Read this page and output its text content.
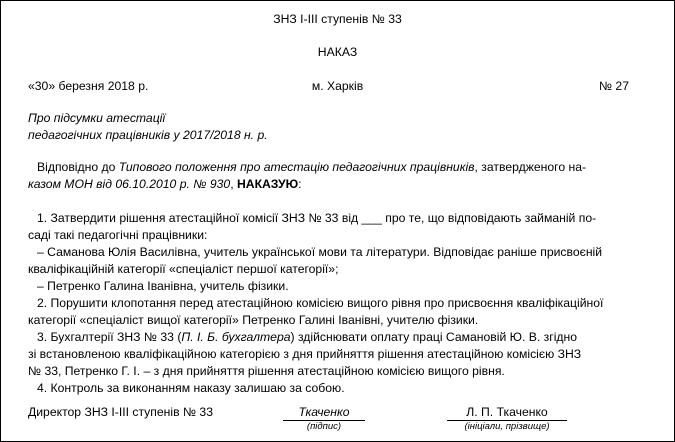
ЗНЗ І-ІІІ ступенів № 33
НАКАЗ
«30» березня 2018 р.	м. Харків	№ 27
Про підсумки атестації
педагогічних працівників у 2017/2018 н. р.

Відповідно до Типового положення про атестацію педагогічних працівників, затвердженого на-

казом МОН від 06.10.2010 р. № 930, НАКАЗУЮ:

1. Затвердити рішення атестаційної комісії ЗНЗ № 33 від ___ про те, що відповідають займаній по-

саді такі педагогічні працівники:

– Саманова Юлія Василівна, учитель української мови та літератури. Відповідає раніше присвоєній

кваліфікаційній категорії «спеціаліст першої категорії»;

– Петренко Галина Іванівна, учитель фізики.

2. Порушити клопотання перед атестаційною комісією вищого рівня про присвоєння кваліфікаційної

категорії «спеціаліст вищої категорії» Петренко Галині Іванівні, учителю фізики.

3. Бухгалтерії ЗНЗ № 33 (П. І. Б. бухгалтера) здійснювати оплату праці Самановій Ю. В. згідно

зі встановленою кваліфікаційною категорією з дня прийняття рішення атестаційною комісією ЗНЗ

№ 33, Петренко Г. І. – з дня прийняття рішення атестаційною комісією вищого рівня.

4. Контроль за виконанням наказу залишаю за собою.

Директор ЗНЗ І-ІІІ ступенів № 33	Ткаченко
(підпис)
Л. П. Ткаченко
(ініціали, прізвище)
